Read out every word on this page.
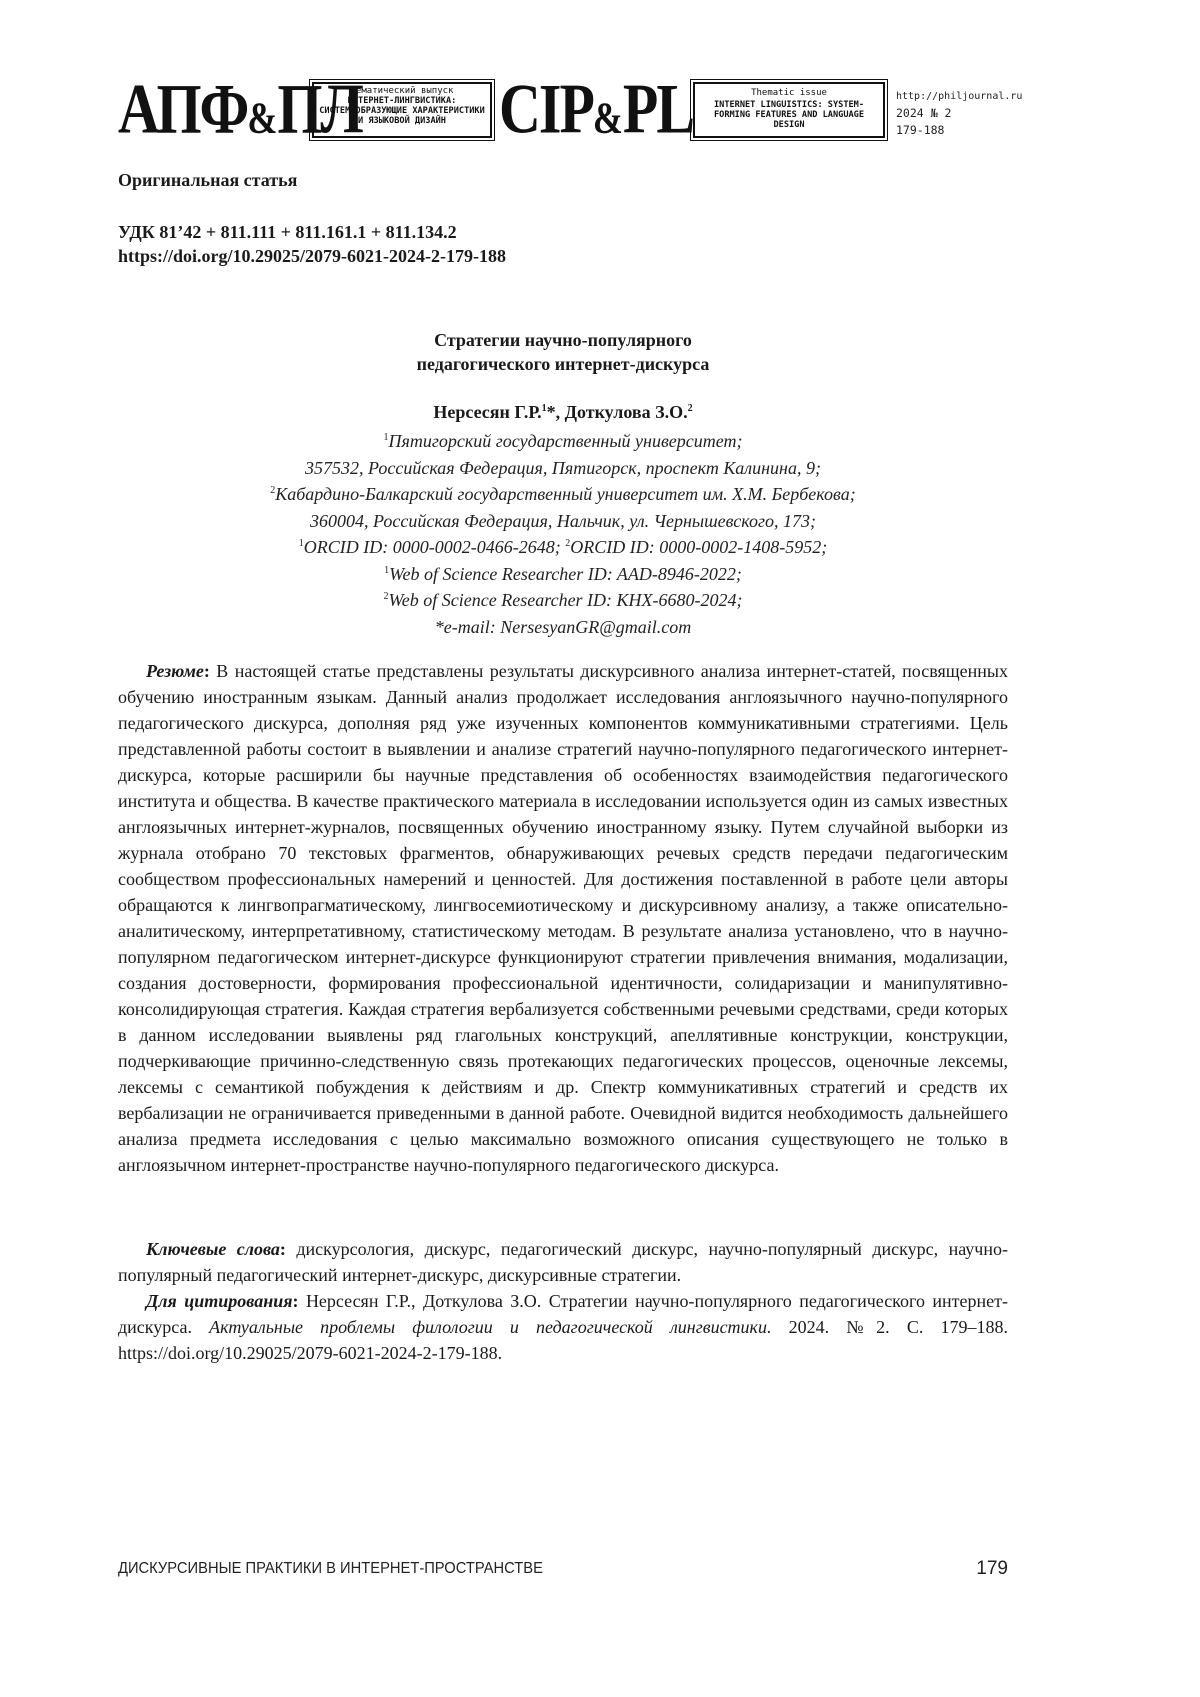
АПФ&ПЛ
Тематический выпуск
ИНТЕРНЕТ-ЛИНГВИСТИКА: СИСТЕМООБРАЗУЮЩИЕ ХАРАКТЕРИСТИКИ И ЯЗЫКОВОЙ ДИЗАЙН CIP&PL	Thematic issue
INTERNET LINGUISTICS: SYSTEM-FORMING FEATURES AND LANGUAGE DESIGN
http://philjournal.ru
2024 № 2
179-188
Оригинальная статья
УДК 81’42 + 811.111 + 811.161.1 + 811.134.2
https://doi.org/10.29025/2079-6021-2024-2-179-188
Стратегии научно-популярного
педагогического интернет-дискурса
Нерсесян Г.Р.$^1$*, Доткулова З.О.$^2$
$^1$Пятигорский государственный университет;
357532, Российская Федерация, Пятигорск, проспект Калинина, 9;
$^2$Кабардино-Балкарский государственный университет им. Х.М. Бербекова;
360004, Российская Федерация, Нальчик, ул. Чернышевского, 173;
$^1$ORCID ID: 0000-0002-0466-2648; $^2$ORCID ID: 0000-0002-1408-5952;
$^1$Web of Science Researcher ID: AAD-8946-2022;
$^2$Web of Science Researcher ID: KHX-6680-2024;
*e-mail: NersesyanGR@gmail.com

Резюме: В настоящей статье представлены результаты дискурсивного анализа интернет-статей, посвященных обучению иностранным языкам. Данный анализ продолжает исследования англоязычного научно-популярного педагогического дискурса, дополняя ряд уже изученных компонентов коммуникативными стратегиями. Цель представленной работы состоит в выявлении и анализе стратегий научно-популярного педагогического интернет-дискурса, которые расширили бы научные представления об особенностях взаимодействия педагогического института и общества. В качестве практического материала в исследовании используется один из самых известных англоязычных интернет-журналов, посвященных обучению иностранному языку. Путем случайной выборки из журнала отобрано 70 текстовых фрагментов, обнаруживающих речевых средств передачи педагогическим сообществом профессиональных намерений и ценностей. Для достижения поставленной в работе цели авторы обращаются к лингвопрагматическому, лингвосемиотическому и дискурсивному анализу, а также описательно-аналитическому, интерпретативному, статистическому методам. В результате анализа установлено, что в научно-популярном педагогическом интернет-дискурсе функционируют стратегии привлечения внимания, модализации, создания достоверности, формирования профессиональной идентичности, солидаризации и манипулятивно-консолидирующая стратегия. Каждая стратегия вербализуется собственными речевыми средствами, среди которых в данном исследовании выявлены ряд глагольных конструкций, апеллятивные конструкции, конструкции, подчеркивающие причинно-следственную связь протекающих педагогических процессов, оценочные лексемы, лексемы с семантикой побуждения к действиям и др. Спектр коммуникативных стратегий и средств их вербализации не ограничивается приведенными в данной работе. Очевидной видится необходимость дальнейшего анализа предмета исследования с целью максимально возможного описания существующего не только в англоязычном интернет-пространстве научно-популярного педагогического дискурса.

Ключевые слова: дискурсология, дискурс, педагогический дискурс, научно-популярный дискурс, научно-популярный педагогический интернет-дискурс, дискурсивные стратегии.

Для цитирования: Нерсесян Г.Р., Доткулова З.О. Стратегии научно-популярного педагогического интернет-дискурса. Актуальные проблемы филологии и педагогической лингвистики. 2024. №2. С. 179–188. https://doi.org/10.29025/2079-6021-2024-2-179-188.

ДИСКУРСИВНЫЕ ПРАКТИКИ В ИНТЕРНЕТ-ПРОСТРАНСТВЕ	179
